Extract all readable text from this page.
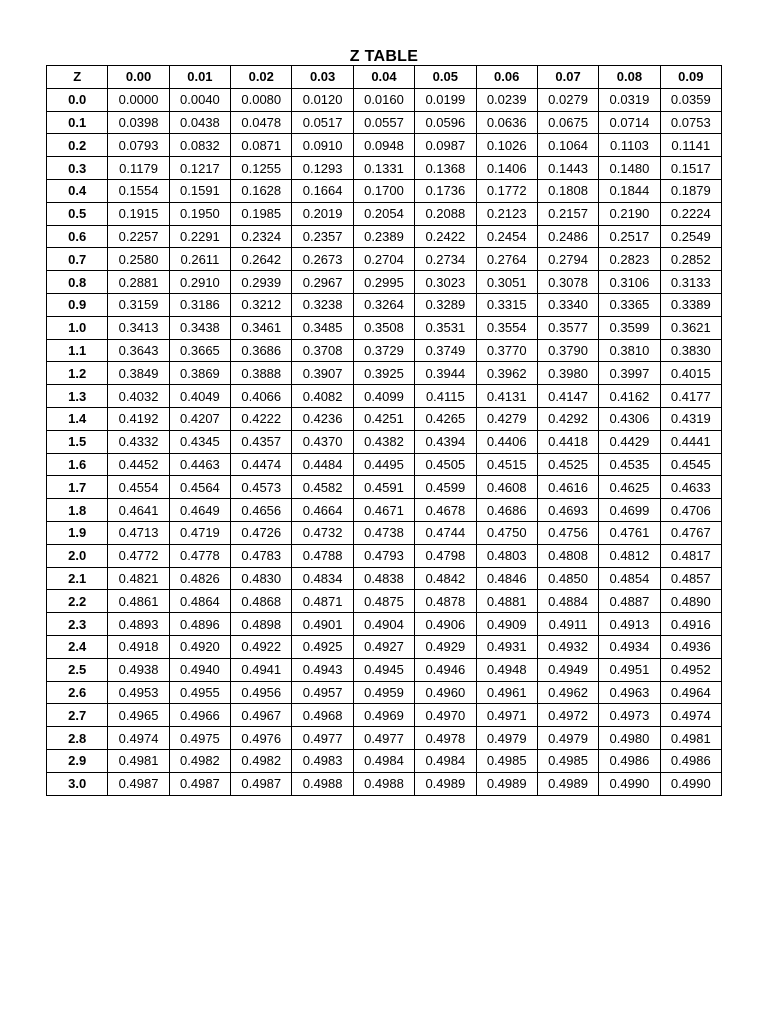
Z TABLE
Z	0.00	0.01	0.02	0.03	0.04	0.05	0.06	0.07	0.08	0.09
0.0	0.0000	0.0040	0.0080	0.0120	0.0160	0.0199	0.0239	0.0279	0.0319	0.0359
0.1	0.0398	0.0438	0.0478	0.0517	0.0557	0.0596	0.0636	0.0675	0.0714	0.0753
0.2	0.0793	0.0832	0.0871	0.0910	0.0948	0.0987	0.1026	0.1064	0.1103	0.1141
0.3	0.1179	0.1217	0.1255	0.1293	0.1331	0.1368	0.1406	0.1443	0.1480	0.1517
0.4	0.1554	0.1591	0.1628	0.1664	0.1700	0.1736	0.1772	0.1808	0.1844	0.1879
0.5	0.1915	0.1950	0.1985	0.2019	0.2054	0.2088	0.2123	0.2157	0.2190	0.2224
0.6	0.2257	0.2291	0.2324	0.2357	0.2389	0.2422	0.2454	0.2486	0.2517	0.2549
0.7	0.2580	0.2611	0.2642	0.2673	0.2704	0.2734	0.2764	0.2794	0.2823	0.2852
0.8	0.2881	0.2910	0.2939	0.2967	0.2995	0.3023	0.3051	0.3078	0.3106	0.3133
0.9	0.3159	0.3186	0.3212	0.3238	0.3264	0.3289	0.3315	0.3340	0.3365	0.3389
1.0	0.3413	0.3438	0.3461	0.3485	0.3508	0.3531	0.3554	0.3577	0.3599	0.3621
1.1	0.3643	0.3665	0.3686	0.3708	0.3729	0.3749	0.3770	0.3790	0.3810	0.3830
1.2	0.3849	0.3869	0.3888	0.3907	0.3925	0.3944	0.3962	0.3980	0.3997	0.4015
1.3	0.4032	0.4049	0.4066	0.4082	0.4099	0.4115	0.4131	0.4147	0.4162	0.4177
1.4	0.4192	0.4207	0.4222	0.4236	0.4251	0.4265	0.4279	0.4292	0.4306	0.4319
1.5	0.4332	0.4345	0.4357	0.4370	0.4382	0.4394	0.4406	0.4418	0.4429	0.4441
1.6	0.4452	0.4463	0.4474	0.4484	0.4495	0.4505	0.4515	0.4525	0.4535	0.4545
1.7	0.4554	0.4564	0.4573	0.4582	0.4591	0.4599	0.4608	0.4616	0.4625	0.4633
1.8	0.4641	0.4649	0.4656	0.4664	0.4671	0.4678	0.4686	0.4693	0.4699	0.4706
1.9	0.4713	0.4719	0.4726	0.4732	0.4738	0.4744	0.4750	0.4756	0.4761	0.4767
2.0	0.4772	0.4778	0.4783	0.4788	0.4793	0.4798	0.4803	0.4808	0.4812	0.4817
2.1	0.4821	0.4826	0.4830	0.4834	0.4838	0.4842	0.4846	0.4850	0.4854	0.4857
2.2	0.4861	0.4864	0.4868	0.4871	0.4875	0.4878	0.4881	0.4884	0.4887	0.4890
2.3	0.4893	0.4896	0.4898	0.4901	0.4904	0.4906	0.4909	0.4911	0.4913	0.4916
2.4	0.4918	0.4920	0.4922	0.4925	0.4927	0.4929	0.4931	0.4932	0.4934	0.4936
2.5	0.4938	0.4940	0.4941	0.4943	0.4945	0.4946	0.4948	0.4949	0.4951	0.4952
2.6	0.4953	0.4955	0.4956	0.4957	0.4959	0.4960	0.4961	0.4962	0.4963	0.4964
2.7	0.4965	0.4966	0.4967	0.4968	0.4969	0.4970	0.4971	0.4972	0.4973	0.4974
2.8	0.4974	0.4975	0.4976	0.4977	0.4977	0.4978	0.4979	0.4979	0.4980	0.4981
2.9	0.4981	0.4982	0.4982	0.4983	0.4984	0.4984	0.4985	0.4985	0.4986	0.4986
3.0	0.4987	0.4987	0.4987	0.4988	0.4988	0.4989	0.4989	0.4989	0.4990	0.4990
